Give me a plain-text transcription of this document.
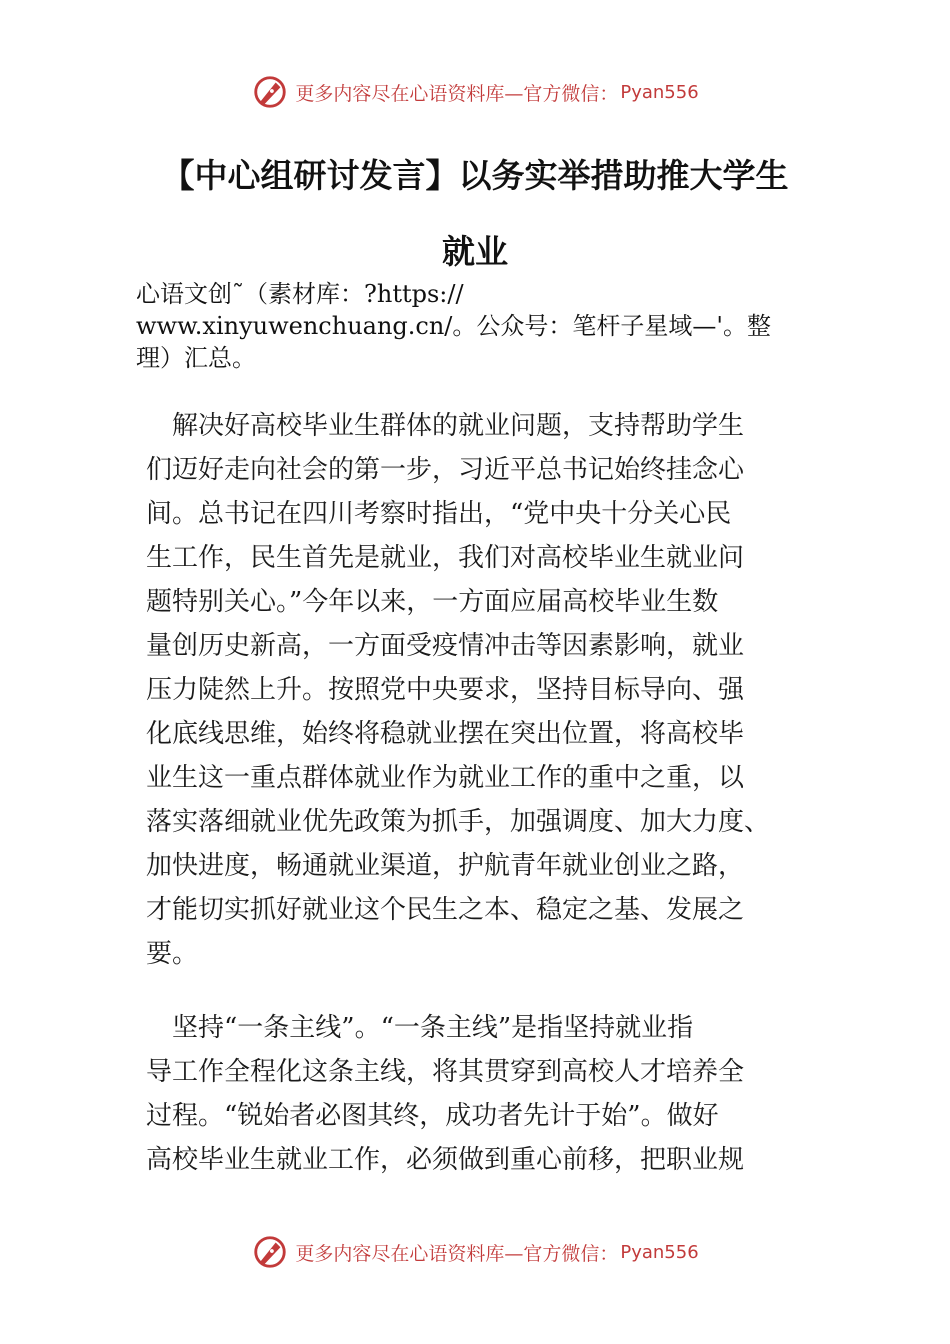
更多内容尽在心语资料库—官方微信： Pyan556
【中心组研讨发言】以务实举措助推大学生
就业
心语文创˜（素材库：?https://
www.xinyuwenchuang.cn/。公众号：笔杆子星域—'。整
理）汇总。
　解决好高校毕业生群体的就业问题，支持帮助学生
们迈好走向社会的第一步，习近平总书记始终挂念心
间。总书记在四川考察时指出，“党中央十分关心民
生工作，民生首先是就业，我们对高校毕业生就业问
题特别关心。”今年以来，一方面应届高校毕业生数
量创历史新高，一方面受疫情冲击等因素影响，就业
压力陡然上升。按照党中央要求，坚持目标导向、强
化底线思维，始终将稳就业摆在突出位置，将高校毕
业生这一重点群体就业作为就业工作的重中之重，以
落实落细就业优先政策为抓手，加强调度、加大力度、
加快进度，畅通就业渠道，护航青年就业创业之路，
才能切实抓好就业这个民生之本、稳定之基、发展之
要。
　坚持“一条主线”。“一条主线”是指坚持就业指
导工作全程化这条主线，将其贯穿到高校人才培养全
过程。“锐始者必图其终，成功者先计于始”。做好
高校毕业生就业工作，必须做到重心前移，把职业规
更多内容尽在心语资料库—官方微信： Pyan556
